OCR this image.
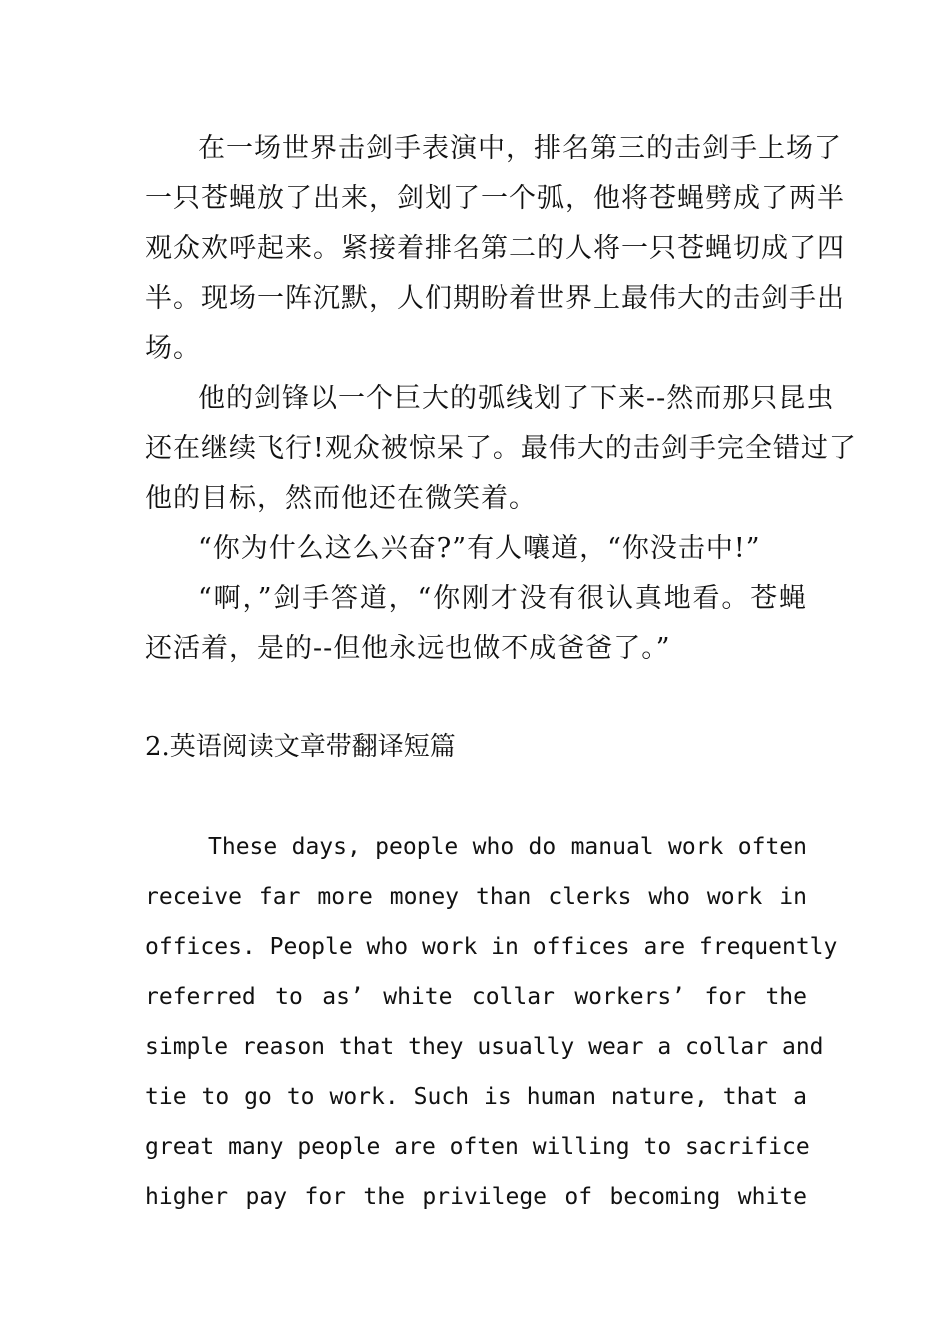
在一场世界击剑手表演中，排名第三的击剑手上场了
一只苍蝇放了出来，剑划了一个弧，他将苍蝇劈成了两半
观众欢呼起来。紧接着排名第二的人将一只苍蝇切成了四
半。现场一阵沉默，人们期盼着世界上最伟大的击剑手出
场。
他的剑锋以一个巨大的弧线划了下来--然而那只昆虫
还在继续飞行!观众被惊呆了。最伟大的击剑手完全错过了
他的目标，然而他还在微笑着。
“你为什么这么兴奋?”有人嚷道，“你没击中!”
“啊，”剑手答道，“你刚才没有很认真地看。苍蝇
还活着，是的--但他永远也做不成爸爸了。”
2.英语阅读文章带翻译短篇
These days, people who do manual work often
receive far more money than clerks who work in
offices. People who work in offices are frequently
referred to as’ white collar workers’ for the
simple reason that they usually wear a collar and
tie to go to work. Such is human nature, that a
great many people are often willing to sacrifice
higher pay for the privilege of becoming white
